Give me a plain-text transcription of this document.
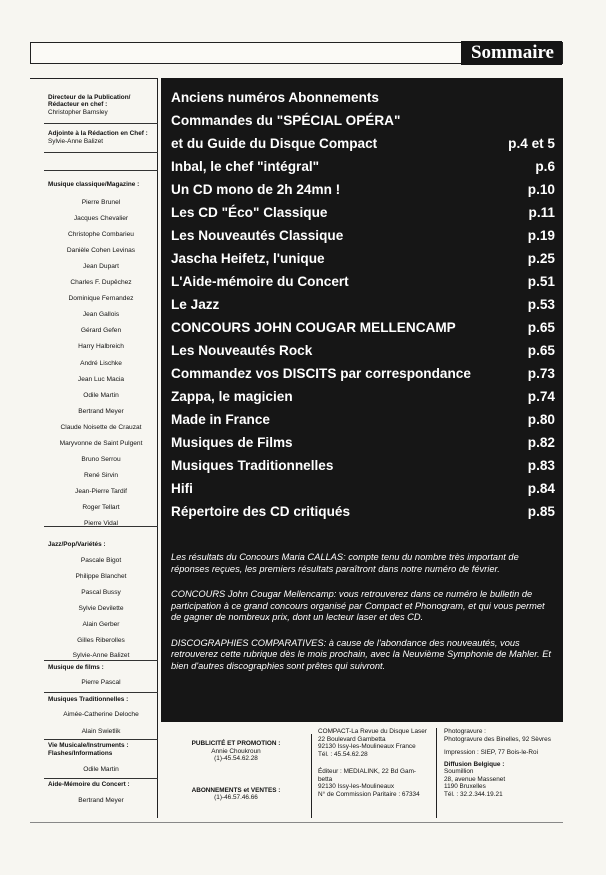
Sommaire
Directeur de la Publication/
Rédacteur en chef :
Christopher Barnsley
Adjointe à la Rédaction en Chef :
Sylvie-Anne Balizet
Musique classique/Magazine :
Pierre Brunel
Jacques Chevalier
Christophe Combarieu
Danièle Cohen Levinas
Jean Dupart
Charles F. Dupêchez
Dominique Fernandez
Jean Gallois
Gérard Gefen
Harry Halbreich
André Lischke
Jean Luc Macia
Odile Martin
Bertrand Meyer
Claude Noisette de Crauzat
Maryvonne de Saint Pulgent
Bruno Serrou
René Sirvin
Jean-Pierre Tardif
Roger Tellart
Pierre Vidal
Jazz/Pop/Variétés :
Pascale Bigot
Philippe Blanchet
Pascal Bussy
Sylvie Devilette
Alain Gerber
Gilles Riberolles
Sylvie-Anne Balizet
Musique de films :
Pierre Pascal
Musiques Traditionnelles :
Aimée-Catherine Deloche
Alain Swietlik
Vie Musicale/Instruments :
Flashes/Informations
Odile Martin
Aide-Mémoire du Concert :
Bertrand Meyer
Anciens numéros Abonnements
Commandes du "SPÉCIAL OPÉRA"
et du Guide du Disque Compact	p.4 et 5
Inbal, le chef "intégral"	p.6
Un CD mono de 2h 24mn !	p.10
Les CD "Éco" Classique	p.11
Les Nouveautés Classique	p.19
Jascha Heifetz, l'unique	p.25
L'Aide-mémoire du Concert	p.51
Le Jazz	p.53
CONCOURS JOHN COUGAR MELLENCAMP	p.65
Les Nouveautés Rock	p.65
Commandez vos DISCITS par correspondance	p.73
Zappa, le magicien	p.74
Made in France	p.80
Musiques de Films	p.82
Musiques Traditionnelles	p.83
Hifi	p.84
Répertoire des CD critiqués	p.85

Les résultats du Concours Maria CALLAS: compte tenu du nombre très important de réponses reçues, les premiers résultats paraîtront dans notre numéro de février.

CONCOURS John Cougar Mellencamp: vous retrouverez dans ce numéro le bulletin de participation à ce grand concours organisé par Compact et Phonogram, et qui vous permet de gagner de nombreux prix, dont un lecteur laser et des CD.

DISCOGRAPHIES COMPARATIVES: à cause de l'abondance des nouveautés, vous retrouverez cette rubrique dès le mois prochain, avec la Neuvième Symphonie de Mahler. Et bien d'autres discographies sont prêtes qui suivront.

PUBLICITÉ ET PROMOTION :
Annie Choukroun
(1)-45.54.62.28
ABONNEMENTS et VENTES :
(1)-46.57.46.66
COMPACT-La Revue du Disque Laser
22 Boulevard Gambetta
92130 Issy-les-Moulineaux France
Tél. : 45.54.62.28
Éditeur : MEDIALINK, 22 Bd Gam-
betta
92130 Issy-les-Moulineaux
N° de Commission Paritaire : 67334
Photogravure :
Photogravure des Binelles, 92 Sèvres
Impression : SIEP, 77 Bois-le-Roi
Diffusion Belgique :
Soumillion
28, avenue Massenet
1190 Bruxelles
Tél. : 32.2.344.19.21
